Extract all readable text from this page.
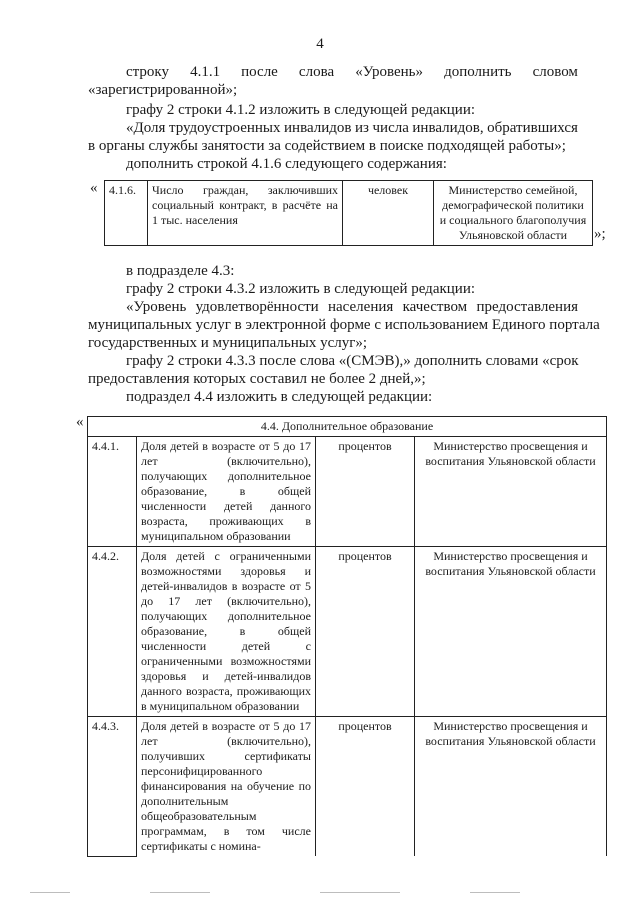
4
строку 4.1.1 после слова «Уровень» дополнить словом
«зарегистрированной»;
графу 2 строки 4.1.2 изложить в следующей редакции:
«Доля трудоустроенных инвалидов из числа инвалидов, обратившихся
в органы службы занятости за содействием в поиске подходящей работы»;
дополнить строкой 4.1.6 следующего содержания:
« 4.1.6.	Число граждан, заключивших социальный контракт, в расчёте на 1 тыс. населения	человек	Министерство семейной, демографической политики и социального благополучия Ульяновской области »;
в подразделе 4.3:
графу 2 строки 4.3.2 изложить в следующей редакции:
«Уровень удовлетворённости населения качеством предоставления
муниципальных услуг в электронной форме с использованием Единого портала
государственных и муниципальных услуг»;
графу 2 строки 4.3.3 после слова «(СМЭВ),» дополнить словами «срок
предоставления которых составил не более 2 дней,»;
подраздел 4.4 изложить в следующей редакции:
«	4.4. Дополнительное образование			
4.4.1.	Доля детей в возрасте от 5 до 17 лет (включительно), получающих дополнительное образование, в общей численности детей данного возраста, проживающих в муниципальном образовании	процентов	Министерство просвещения и воспитания Ульяновской области
4.4.2.	Доля детей с ограниченными возможностями здоровья и детей-инвалидов в возрасте от 5 до 17 лет (включительно), получающих дополнительное образование, в общей численности детей с ограниченными возможностями здоровья и детей-инвалидов данного возраста, проживающих в муниципальном образовании	процентов	Министерство просвещения и воспитания Ульяновской области
4.4.3.	Доля детей в возрасте от 5 до 17 лет (включительно), получивших сертификаты персонифицированного финансирования на обучение по дополнительным общеобразовательным программам, в том числе сертификаты с номина-	процентов	Министерство просвещения и воспитания Ульяновской области
